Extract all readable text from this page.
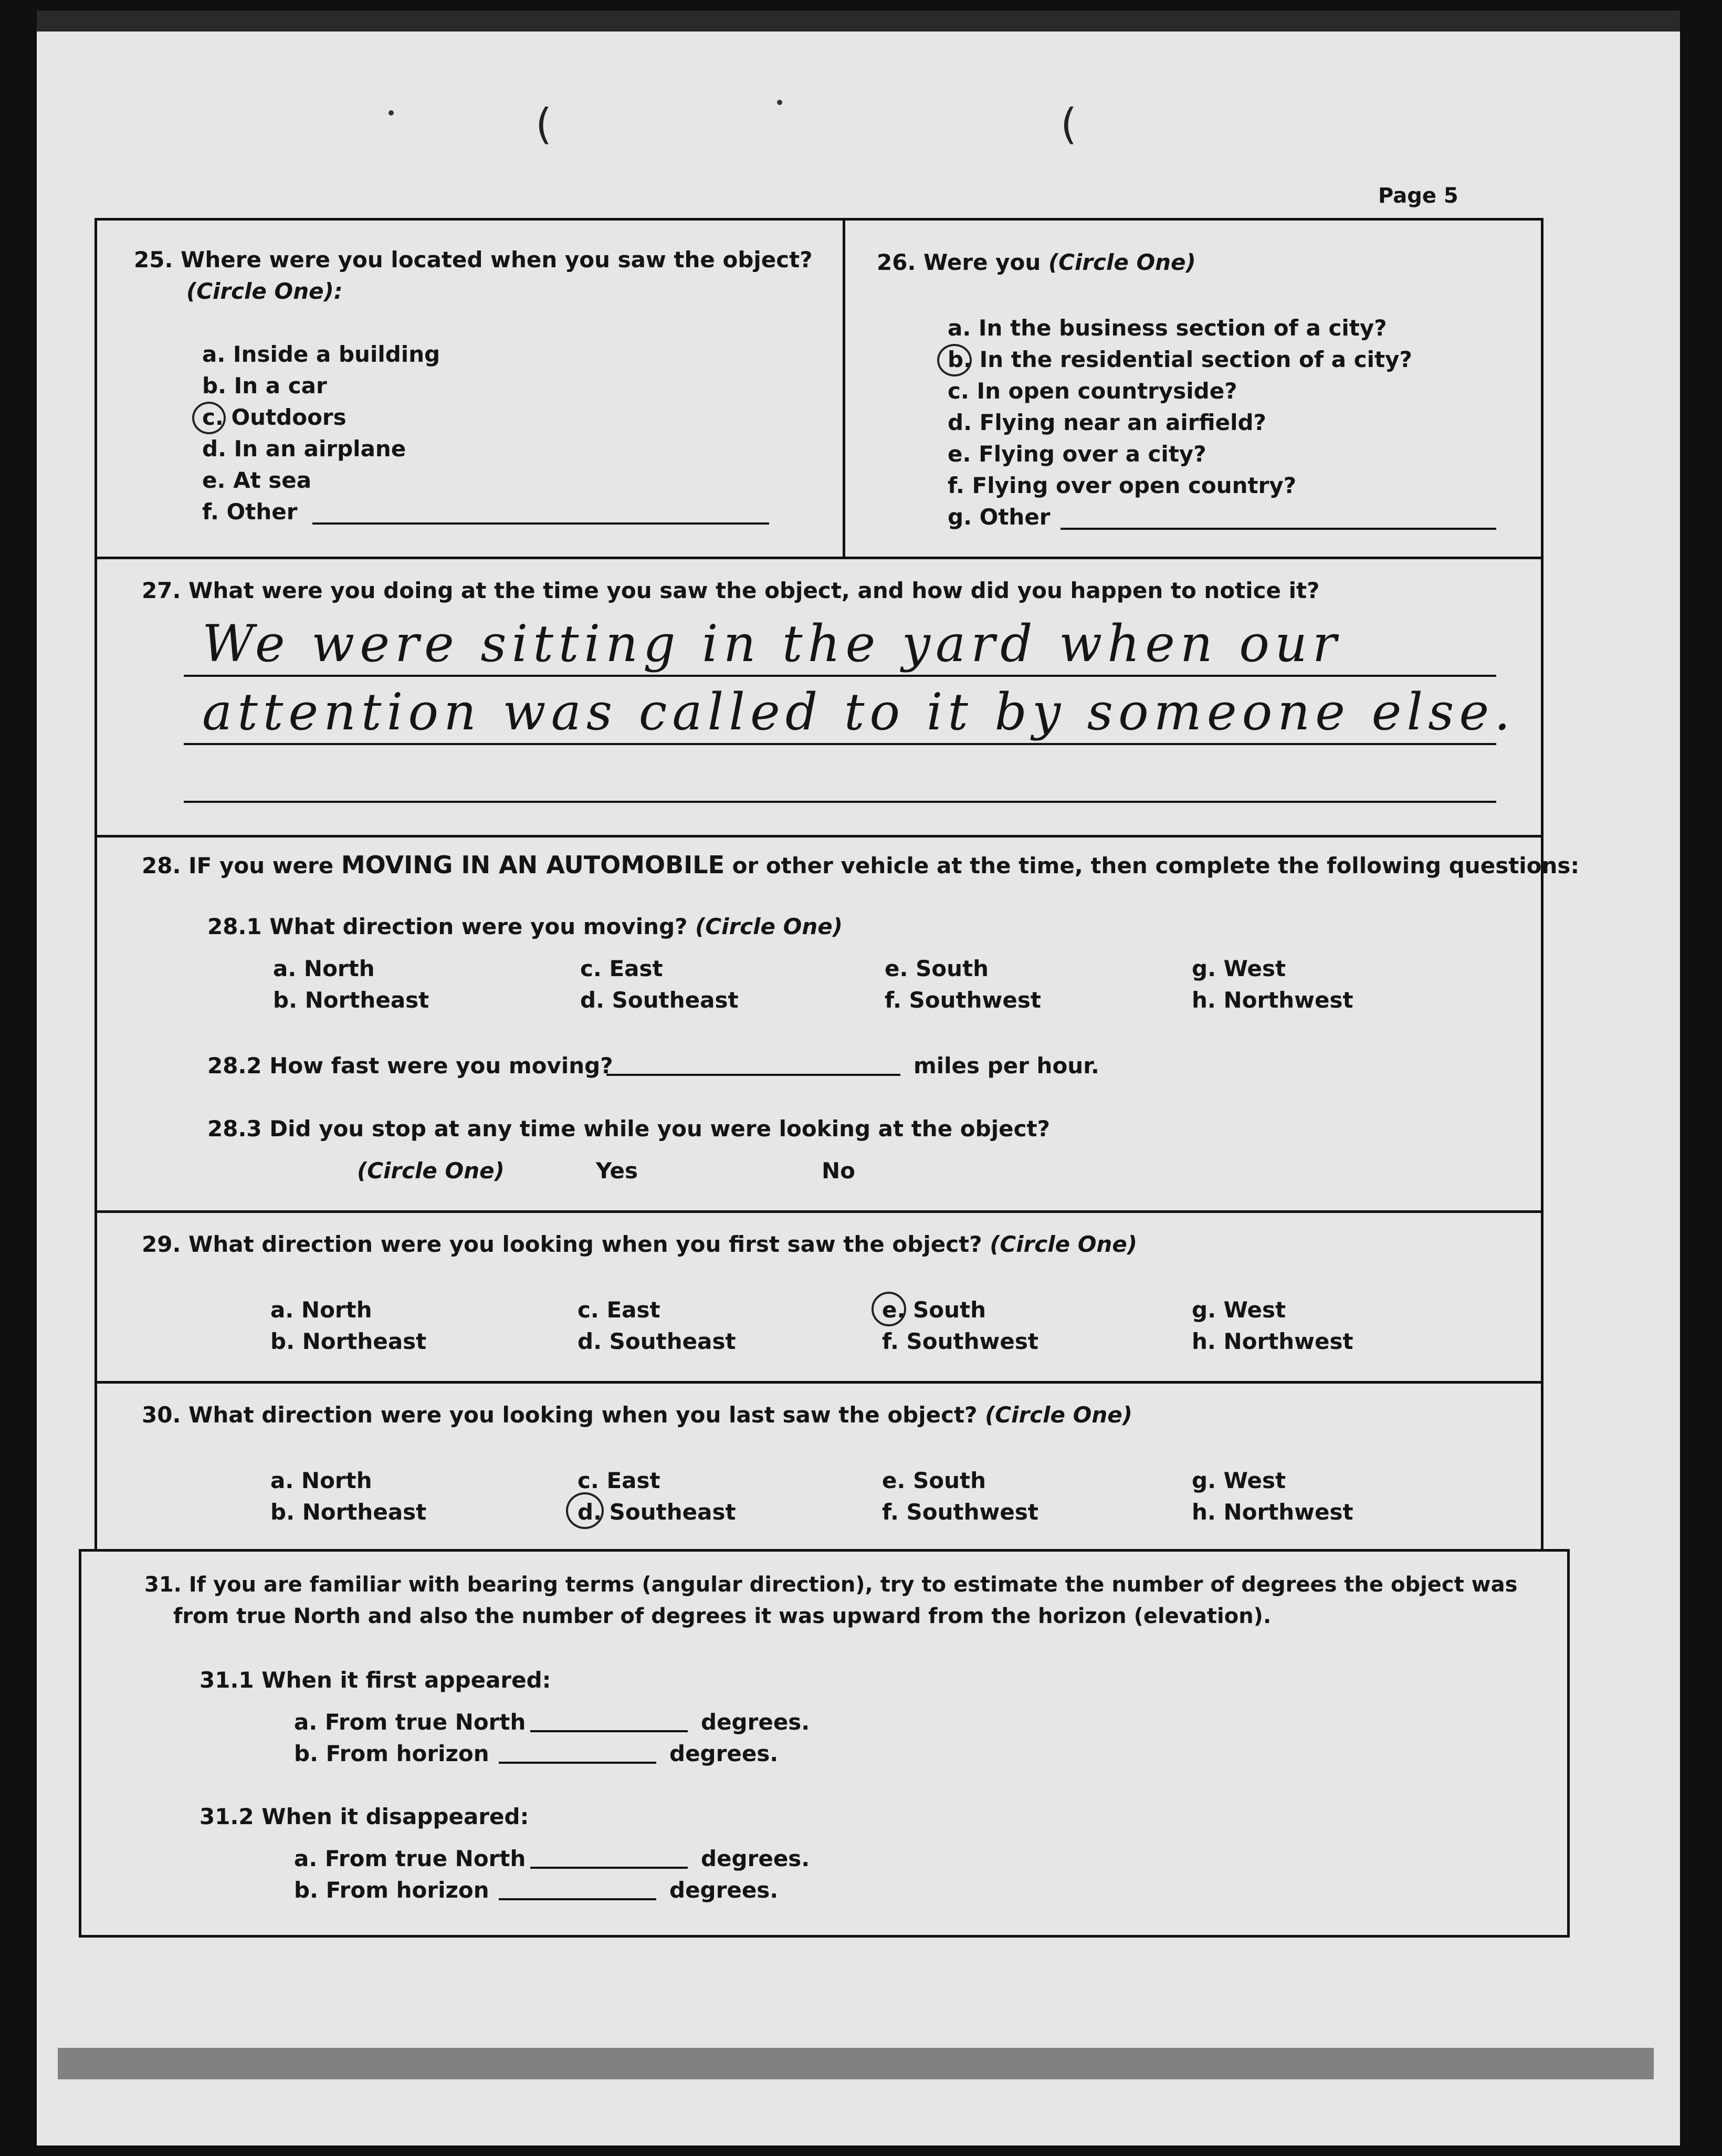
(	(
Page 5
25. Where were you located when you saw the object?
(Circle One):
a. Inside a building
b. In a car
c. Outdoors
d. In an airplane
e. At sea
f. Other
26. Were you (Circle One)
a. In the business section of a city?
b. In the residential section of a city?
c. In open countryside?
d. Flying near an airfield?
e. Flying over a city?
f. Flying over open country?
g. Other
27. What were you doing at the time you saw the object, and how did you happen to notice it?
We were sitting in the yard when our
attention was called to it by someone else.
28. IF you were MOVING IN AN AUTOMOBILE or other vehicle at the time, then complete the following questions:
28.1 What direction were you moving? (Circle One)
a. North	c. East	e. South	g. West
b. Northeast	d. Southeast	f. Southwest	h. Northwest
28.2 How fast were you moving?	miles per hour.
28.3 Did you stop at any time while you were looking at the object?
(Circle One)	Yes	No
29. What direction were you looking when you first saw the object? (Circle One)
a. North	c. East	e. South	g. West
b. Northeast	d. Southeast	f. Southwest	h. Northwest
30. What direction were you looking when you last saw the object? (Circle One)
a. North	c. East	e. South	g. West
b. Northeast	d. Southeast	f. Southwest	h. Northwest
31. If you are familiar with bearing terms (angular direction), try to estimate the number of degrees the object was
from true North and also the number of degrees it was upward from the horizon (elevation).
31.1 When it first appeared:
a. From true North	degrees.
b. From horizon	degrees.
31.2 When it disappeared:
a. From true North	degrees.
b. From horizon	degrees.
